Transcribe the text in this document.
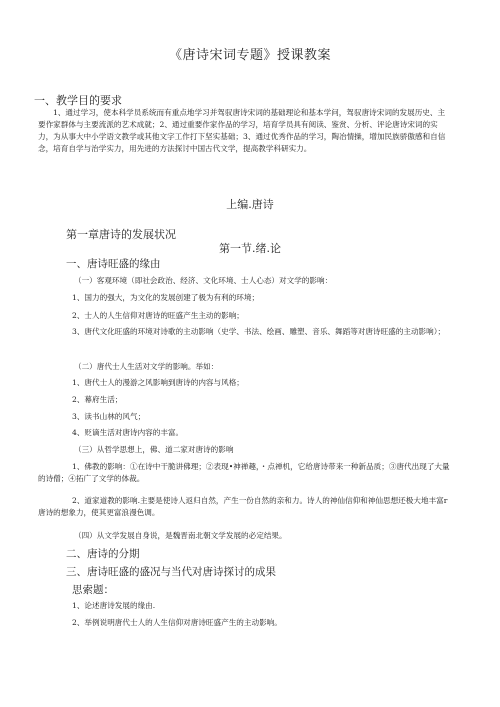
《唐诗宋词专题》授课教案
一、教学目的要求
1、通过学习，使本科学员系统而有重点地学习并驾驭唐诗宋词的基础理论和基本学问，驾驭唐诗宋词的发展历史、主要作家群体与主要流派的艺术成就；2、通过重要作家作品的学习，培育学员具有阅读、鉴赏、分析、评论唐诗宋词的实力，为从事大中小学语文教学或其他文字工作打下坚实基础；3、通过优秀作品的学习，陶冶情操，增加民族骄傲感和自信念，培育自学与治学实力，用先进的方法探讨中国古代文学，提高教学科研实力。
上编.唐诗
第一章唐诗的发展状况
第一节.绪.论
一、唐诗旺盛的缘由
（一）客观环境（即社会政治、经济、文化环境、士人心态）对文学的影响：
1、国力的强大，为文化的发展创建了极为有利的环境；
2、士人的人生信仰对唐诗的旺盛产生主动的影响；
3、唐代文化旺盛的环境对诗歌的主动影响（史学、书法、绘画、雕塑、音乐、舞蹈等对唐诗旺盛的主动影响）；
（二）唐代士人生活对文学的影响。举如：
1、唐代士人的漫游之风影响到唐诗的内容与风格；
2、幕府生活；
3、读书山林的风气；
4、贬谪生活对唐诗内容的丰富。
（三）从哲学思想上，佛、道二家对唐诗的影响
1、佛教的影响：①在诗中干脆讲佛理；②表现•神禅趣，・点禅机，它给唐诗带来一种新品质；③唐代出现了大量的诗僧；④拓广了文学的体裁。
2、道家道教的影响.主要是使诗人返归自然，产生一份自然的亲和力。诗人的神仙信仰和神仙思想还极大地丰富r唐诗的想象力，使其更富浪漫色调。
（四）从文学发展自身说，是魏晋南北朝文学发展的必定结果。
二、唐诗的分期
三、唐诗旺盛的盛况与当代对唐诗探讨的成果
思索题：
1、论述唐诗发展的缘由.
2、举例说明唐代士人的人生信仰对唐诗旺盛产生的主动影响。
